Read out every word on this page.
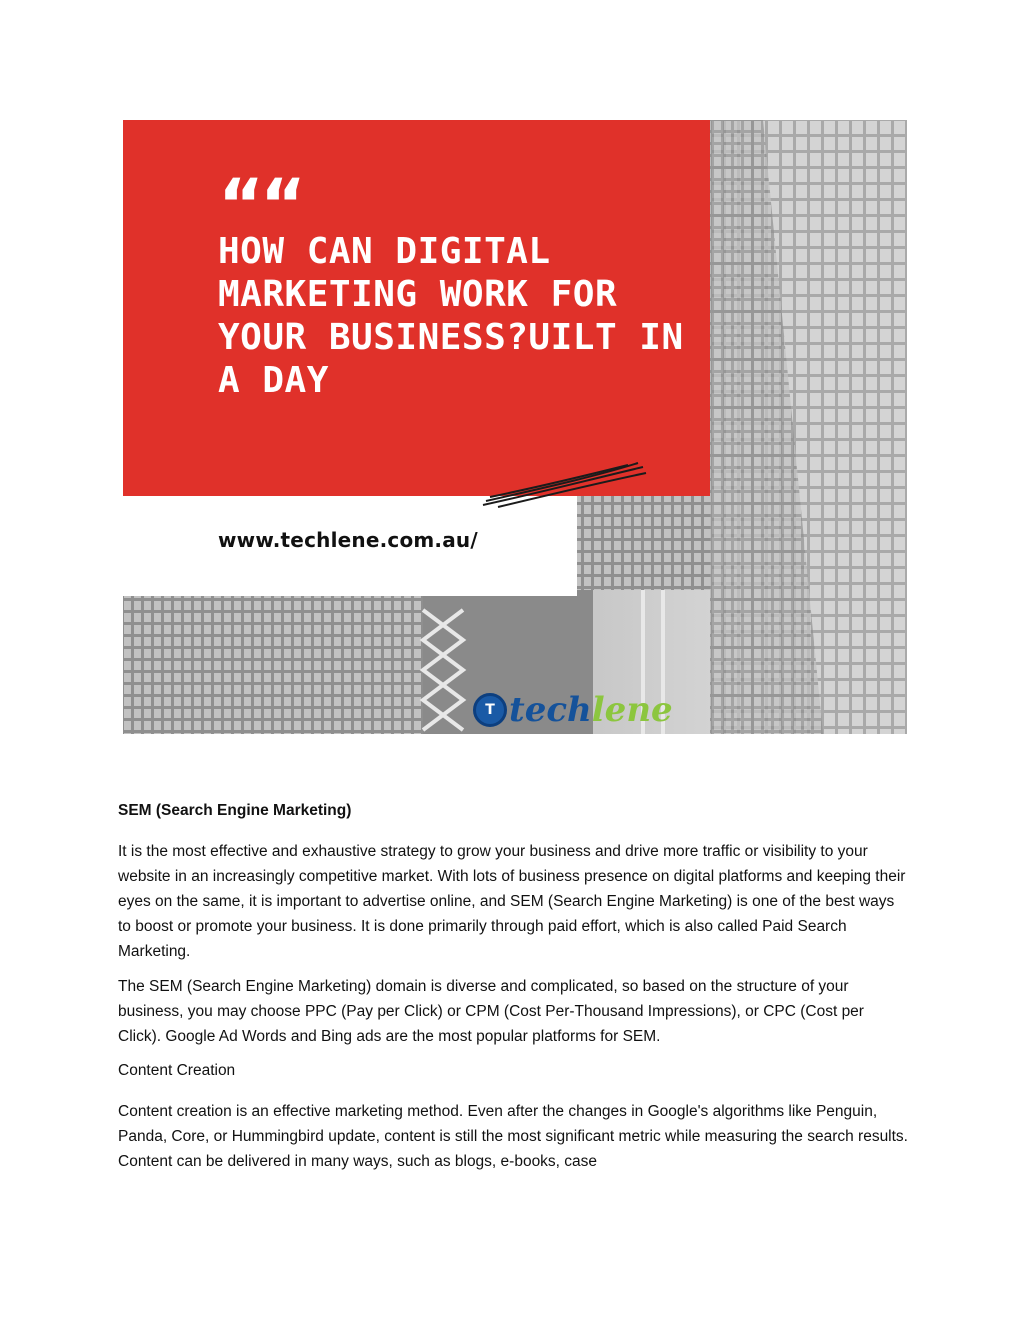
““
HOW CAN DIGITAL MARKETING WORK FOR YOUR BUSINESS?UILT IN A DAY
www.techlene.com.au/
T tech lene
SEM (Search Engine Marketing)
It is the most effective and exhaustive strategy to grow your business and drive more traffic or visibility to your website in an increasingly competitive market. With lots of business presence on digital platforms and keeping their eyes on the same, it is important to advertise online, and SEM (Search Engine Marketing) is one of the best ways to boost or promote your business. It is done primarily through paid effort, which is also called Paid Search Marketing.
The SEM (Search Engine Marketing) domain is diverse and complicated, so based on the structure of your business, you may choose PPC (Pay per Click) or CPM (Cost Per-Thousand Impressions), or CPC (Cost per Click). Google Ad Words and Bing ads are the most popular platforms for SEM.
Content Creation
Content creation is an effective marketing method. Even after the changes in Google's algorithms like Penguin, Panda, Core, or Hummingbird update, content is still the most significant metric while measuring the search results. Content can be delivered in many ways, such as blogs, e-books, case
